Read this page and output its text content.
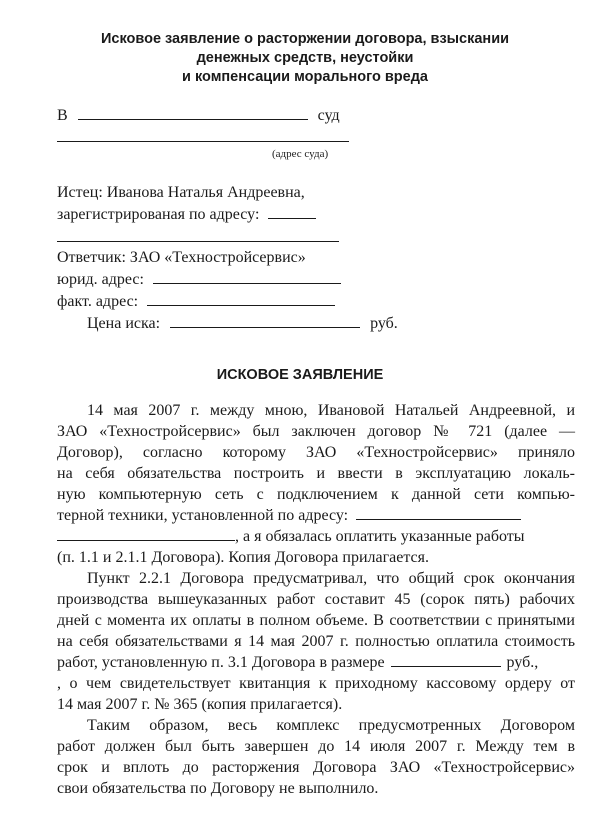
Исковое заявление о расторжении договора, взыскании
денежных средств, неустойки
и компенсации морального вреда
В	суд
(адрес суда)
Истец: Иванова Наталья Андреевна,
зарегистрированая по адресу:
Ответчик: ЗАО «Техностройсервис»
юрид. адрес:
факт. адрес:
Цена иска:	руб.
ИСКОВОЕ ЗАЯВЛЕНИЕ
14 мая 2007 г. между мною, Ивановой Натальей Андреевной, и
ЗАО «Техностройсервис» был заключен договор № 721 (далее —
Договор), согласно которому ЗАО «Техностройсервис» приняло
на себя обязательства построить и ввести в эксплуатацию локаль-
ную компьютерную сеть с подключением к данной сети компью-
терной техники, установленной по адресу:
, а я обязалась оплатить указанные работы
(п. 1.1 и 2.1.1 Договора). Копия Договора прилагается.
Пункт 2.2.1 Договора предусматривал, что общий срок окончания
производства вышеуказанных работ составит 45 (сорок пять) рабочих
дней с момента их оплаты в полном объеме. В соответствии с принятыми
на себя обязательствами я 14 мая 2007 г. полностью оплатила стоимость
работ, установленную п. 3.1 Договора в размере	руб.,
, о чем свидетельствует квитанция к приходному кассовому ордеру от
14 мая 2007 г. № 365 (копия прилагается).
Таким образом, весь комплекс предусмотренных Договором
работ должен был быть завершен до 14 июля 2007 г. Между тем в
срок и вплоть до расторжения Договора ЗАО «Техностройсервис»
свои обязательства по Договору не выполнило.
